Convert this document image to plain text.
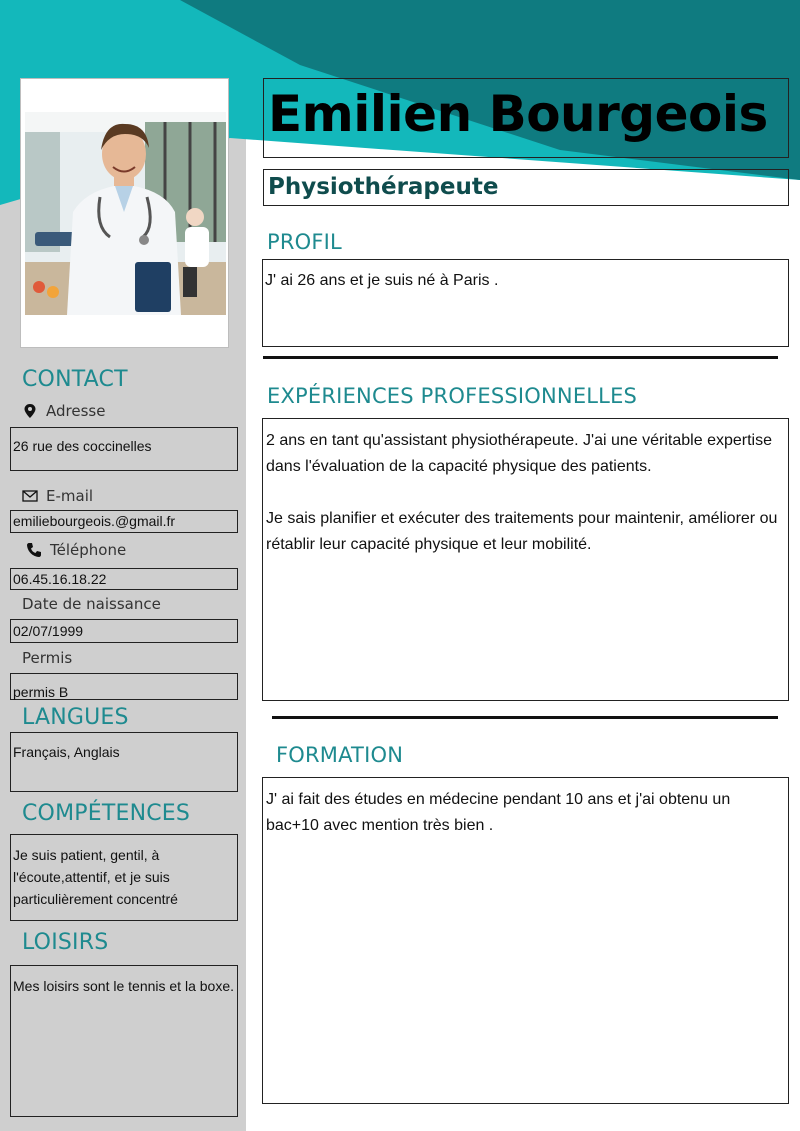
CONTACT
Adresse
26 rue des coccinelles
E-mail
emiliebourgeois.@gmail.fr
Téléphone
06.45.16.18.22
Date de naissance
02/07/1999
Permis
permis B
LANGUES
Français, Anglais
COMPÉTENCES
Je suis patient, gentil, à l'écoute,attentif, et je suis particulièrement concentré
LOISIRS
Mes loisirs sont le tennis et la boxe.
Emilien Bourgeois
Physiothérapeute
PROFIL
J' ai 26 ans et je suis né à Paris .
EXPÉRIENCES PROFESSIONNELLES

2 ans en tant qu'assistant physiothérapeute. J'ai une véritable expertise dans l'évaluation de la capacité physique des patients.

Je sais planifier et exécuter des traitements pour maintenir, améliorer ou rétablir leur capacité physique et leur mobilité.

FORMATION
J' ai fait des études en médecine pendant 10 ans et j'ai obtenu un bac+10 avec mention très bien .
